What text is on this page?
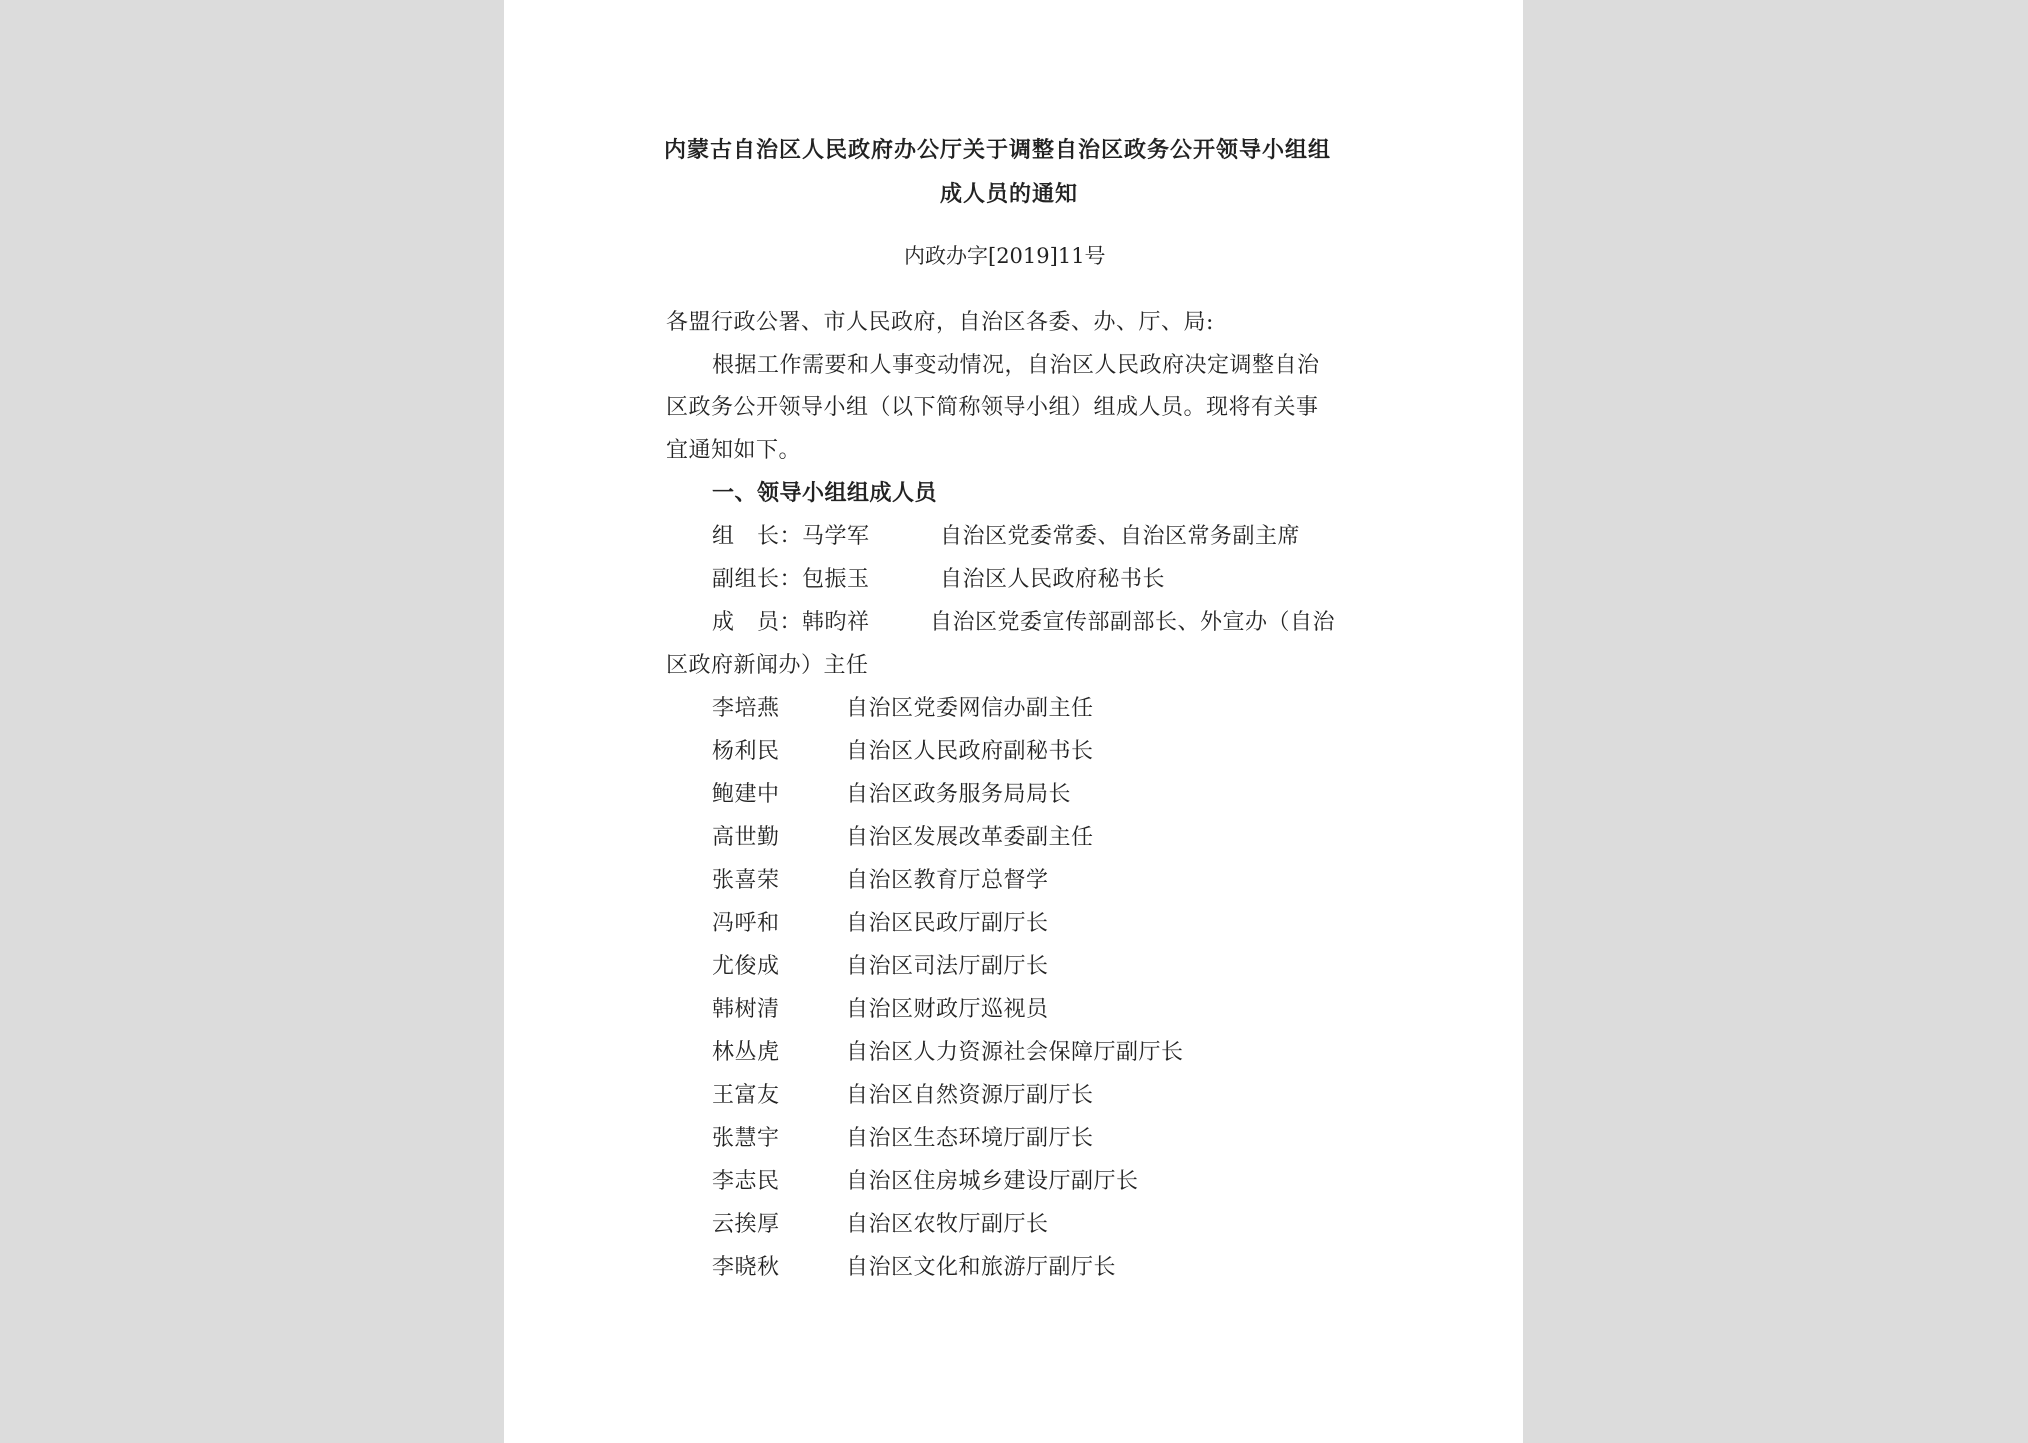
内蒙古自治区人民政府办公厅关于调整自治区政务公开领导小组组
成人员的通知
内政办字[2019]11号
各盟行政公署、市人民政府，自治区各委、办、厅、局:
根据工作需要和人事变动情况，自治区人民政府决定调整自治
区政务公开领导小组（以下简称领导小组）组成人员。现将有关事
宜通知如下。
一、领导小组组成人员
组　长：马学军	自治区党委常委、自治区常务副主席
副组长：包振玉	自治区人民政府秘书长
成　员：韩昀祥	自治区党委宣传部副部长、外宣办（自治
区政府新闻办）主任
李培燕	自治区党委网信办副主任
杨利民	自治区人民政府副秘书长
鲍建中	自治区政务服务局局长
高世勤	自治区发展改革委副主任
张喜荣	自治区教育厅总督学
冯呼和	自治区民政厅副厅长
尤俊成	自治区司法厅副厅长
韩树清	自治区财政厅巡视员
林丛虎	自治区人力资源社会保障厅副厅长
王富友	自治区自然资源厅副厅长
张慧宇	自治区生态环境厅副厅长
李志民	自治区住房城乡建设厅副厅长
云挨厚	自治区农牧厅副厅长
李晓秋	自治区文化和旅游厅副厅长
